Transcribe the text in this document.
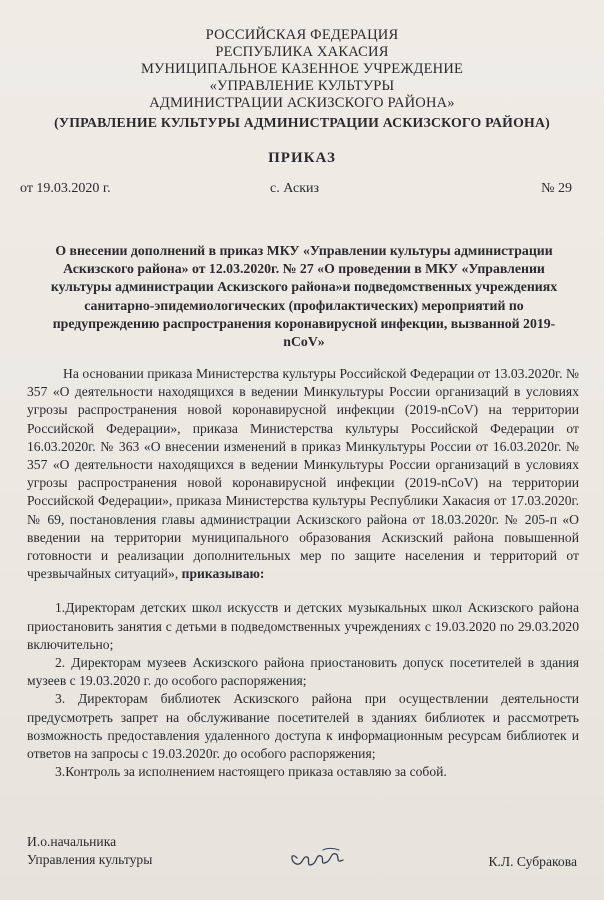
РОССИЙСКАЯ ФЕДЕРАЦИЯ
РЕСПУБЛИКА ХАКАСИЯ
МУНИЦИПАЛЬНОЕ КАЗЕННОЕ УЧРЕЖДЕНИЕ
«УПРАВЛЕНИЕ КУЛЬТУРЫ
АДМИНИСТРАЦИИ АСКИЗСКОГО РАЙОНА»
(УПРАВЛЕНИЕ КУЛЬТУРЫ АДМИНИСТРАЦИИ АСКИЗСКОГО РАЙОНА)
ПРИКАЗ
от 19.03.2020 г.	с. Аскиз	№ 29
О внесении дополнений в приказ МКУ «Управлении культуры администрации Аскизского района» от 12.03.2020г. № 27 «О проведении в МКУ «Управлении культуры администрации Аскизского района»и подведомственных учреждениях санитарно-эпидемиологических (профилактических) мероприятий по предупреждению распространения коронавирусной инфекции, вызванной 2019-nCoV»

На основании приказа Министерства культуры Российской Федерации от 13.03.2020г. № 357 «О деятельности находящихся в ведении Минкультуры России организаций в условиях угрозы распространения новой коронавирусной инфекции (2019-nCoV) на территории Российской Федерации», приказа Министерства культуры Российской Федерации от 16.03.2020г. № 363 «О внесении изменений в приказ Минкультуры России от 16.03.2020г. № 357 «О деятельности находящихся в ведении Минкультуры России организаций в условиях угрозы распространения новой коронавирусной инфекции (2019-nCoV) на территории Российской Федерации», приказа Министерства культуры Республики Хакасия от 17.03.2020г. № 69, постановления главы администрации Аскизского района от 18.03.2020г. № 205-п «О введении на территории муниципального образования Аскизский района повышенной готовности и реализации дополнительных мер по защите населения и территорий от чрезвычайных ситуаций», приказываю:

1.Директорам детских школ искусств и детских музыкальных школ Аскизского района приостановить занятия с детьми в подведомственных учреждениях с 19.03.2020 по 29.03.2020 включительно;

2. Директорам музеев Аскизского района приостановить допуск посетителей в здания музеев с 19.03.2020 г. до особого распоряжения;

3. Директорам библиотек Аскизского района при осуществлении деятельности предусмотреть запрет на обслуживание посетителей в зданиях библиотек и рассмотреть возможность предоставления удаленного доступа к информационным ресурсам библиотек и ответов на запросы с 19.03.2020г. до особого распоряжения;

3.Контроль за исполнением настоящего приказа оставляю за собой.

И.о.начальника
Управления культуры	К.Л. Субракова
